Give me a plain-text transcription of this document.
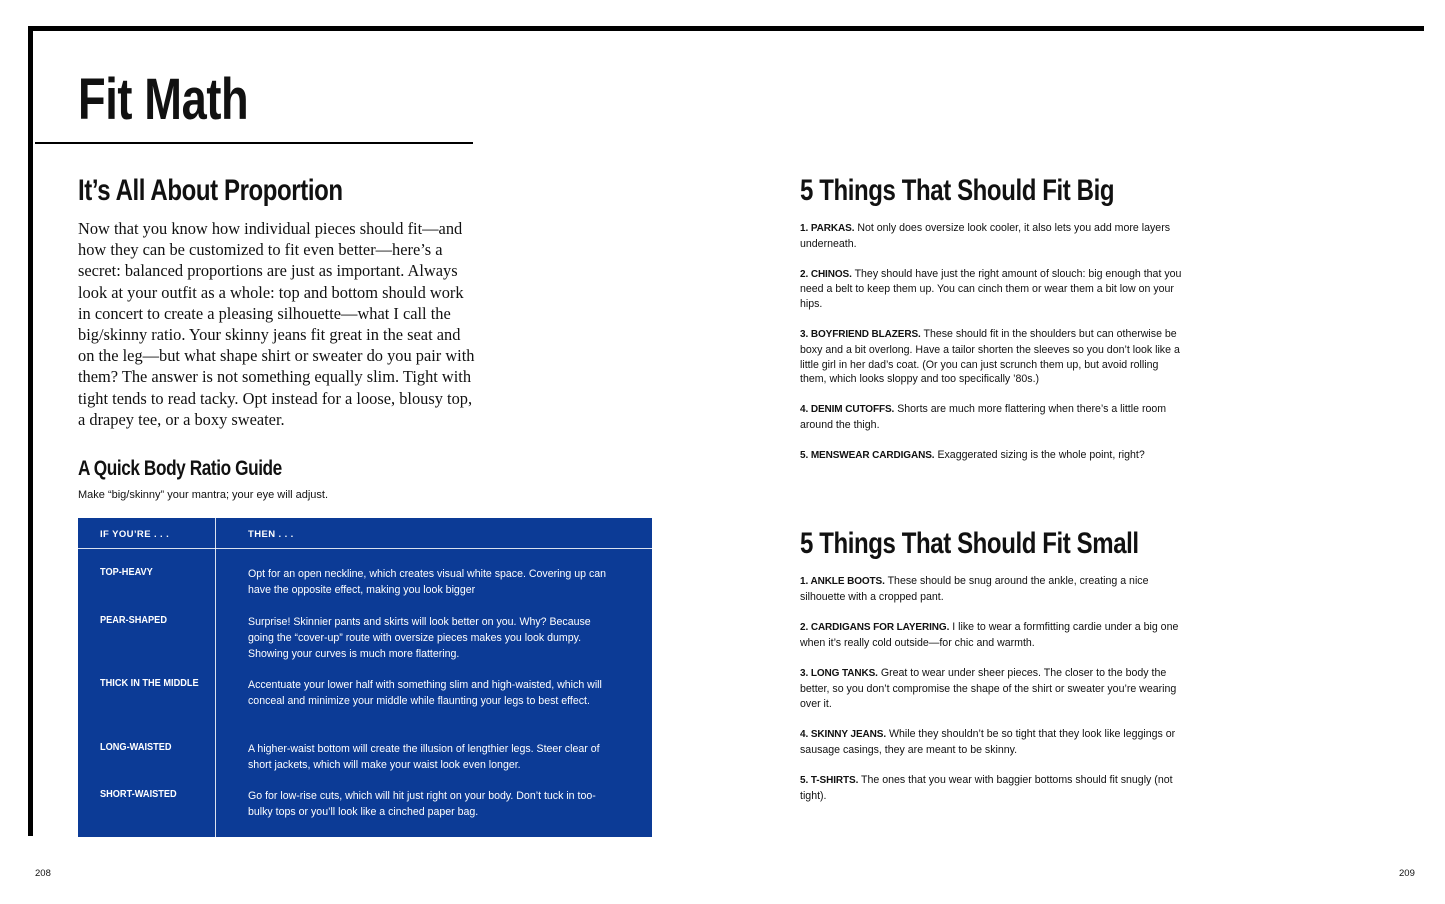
Fit Math
It’s All About Proportion

Now that you know how individual pieces should fit—and how they can be customized to fit even better—here’s a secret: balanced proportions are just as important. Always look at your outfit as a whole: top and bottom should work in concert to create a pleasing silhouette—what I call the big/skinny ratio. Your skinny jeans fit great in the seat and on the leg—but what shape shirt or sweater do you pair with them? The answer is not something equally slim. Tight with tight tends to read tacky. Opt instead for a loose, blousy top, a drapey tee, or a boxy sweater.

A Quick Body Ratio Guide

Make “big/skinny” your mantra; your eye will adjust.

IF YOU’RE . . .	THEN . . .
TOP-HEAVY	Opt for an open neckline, which creates visual white space. Covering up can have the opposite effect, making you look bigger
PEAR-SHAPED	Surprise! Skinnier pants and skirts will look better on you. Why? Because going the “cover-up” route with oversize pieces makes you look dumpy. Showing your curves is much more flattering.
THICK IN THE MIDDLE	Accentuate your lower half with something slim and high-waisted, which will conceal and minimize your middle while flaunting your legs to best effect.
LONG-WAISTED	A higher-waist bottom will create the illusion of lengthier legs. Steer clear of short jackets, which will make your waist look even longer.
SHORT-WAISTED	Go for low-rise cuts, which will hit just right on your body. Don’t tuck in too-bulky tops or you’ll look like a cinched paper bag.
5 Things That Should Fit Big
1. PARKAS. Not only does oversize look cooler, it also lets you add more layers underneath.
2. CHINOS. They should have just the right amount of slouch: big enough that you need a belt to keep them up. You can cinch them or wear them a bit low on your hips.
3. BOYFRIEND BLAZERS. These should fit in the shoulders but can otherwise be boxy and a bit overlong. Have a tailor shorten the sleeves so you don’t look like a little girl in her dad’s coat. (Or you can just scrunch them up, but avoid rolling them, which looks sloppy and too specifically ’80s.)
4. DENIM CUTOFFS. Shorts are much more flattering when there’s a little room around the thigh.
5. MENSWEAR CARDIGANS. Exaggerated sizing is the whole point, right?
5 Things That Should Fit Small
1. ANKLE BOOTS. These should be snug around the ankle, creating a nice silhouette with a cropped pant.
2. CARDIGANS FOR LAYERING. I like to wear a formfitting cardie under a big one when it’s really cold outside—for chic and warmth.
3. LONG TANKS. Great to wear under sheer pieces. The closer to the body the better, so you don’t compromise the shape of the shirt or sweater you’re wearing over it.
4. SKINNY JEANS. While they shouldn’t be so tight that they look like leggings or sausage casings, they are meant to be skinny.
5. T-SHIRTS. The ones that you wear with baggier bottoms should fit snugly (not tight).
208	209
